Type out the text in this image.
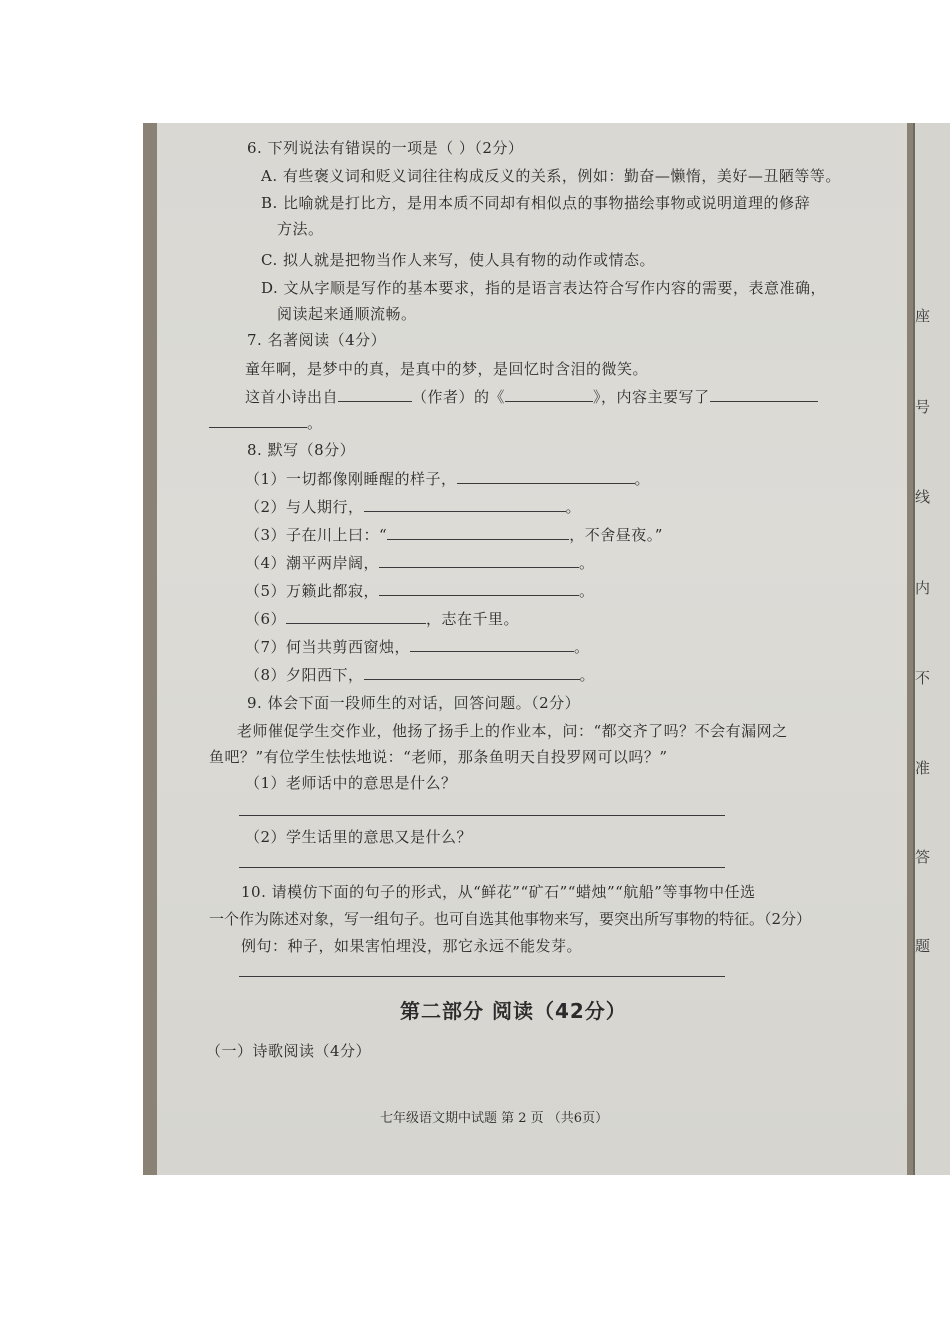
6. 下列说法有错误的一项是（ ）（2分）
A. 有些褒义词和贬义词往往构成反义的关系，例如：勤奋—懒惰，美好—丑陋等等。
B. 比喻就是打比方，是用本质不同却有相似点的事物描绘事物或说明道理的修辞
方法。
C. 拟人就是把物当作人来写，使人具有物的动作或情态。
D. 文从字顺是写作的基本要求，指的是语言表达符合写作内容的需要，表意准确，
阅读起来通顺流畅。
7. 名著阅读（4分）
童年啊，是梦中的真，是真中的梦，是回忆时含泪的微笑。
这首小诗出自	（作者）的《	》，内容主要写了
。
8. 默写（8分）
（1）一切都像刚睡醒的样子，	。
（2）与人期行，	。
（3）子在川上曰：“	，不舍昼夜。”
（4）潮平两岸阔，	。
（5）万籁此都寂，	。
（6）	，志在千里。
（7）何当共剪西窗烛，	。
（8）夕阳西下，	。
9. 体会下面一段师生的对话，回答问题。（2分）
老师催促学生交作业，他扬了扬手上的作业本，问：“都交齐了吗？不会有漏网之
鱼吧？”有位学生怯怯地说：“老师，那条鱼明天自投罗网可以吗？”
（1）老师话中的意思是什么？
（2）学生话里的意思又是什么？
10. 请模仿下面的句子的形式，从“鲜花”“矿石”“蜡烛”“航船”等事物中任选
一个作为陈述对象，写一组句子。也可自选其他事物来写，要突出所写事物的特征。（2分）
例句：种子，如果害怕埋没，那它永远不能发芽。
第二部分 阅读（42分）
（一）诗歌阅读（4分）
七年级语文期中试题 第 2 页 （共6页）
座
号
线
内
不
准
答
题
